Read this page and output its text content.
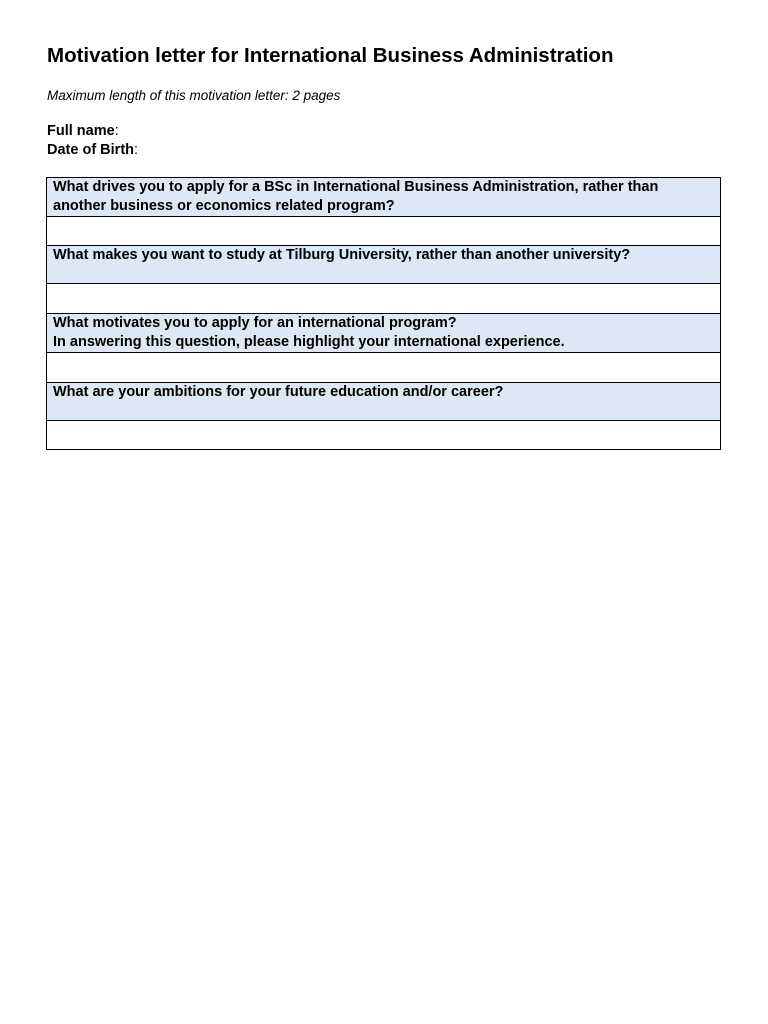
Motivation letter for International Business Administration
Maximum length of this motivation letter: 2 pages
Full name:
Date of Birth:
What drives you to apply for a BSc in International Business Administration, rather than
another business or economics related program?

What makes you want to study at Tilburg University, rather than another university?

What motivates you to apply for an international program?
In answering this question, please highlight your international experience.

What are your ambitions for your future education and/or career?
